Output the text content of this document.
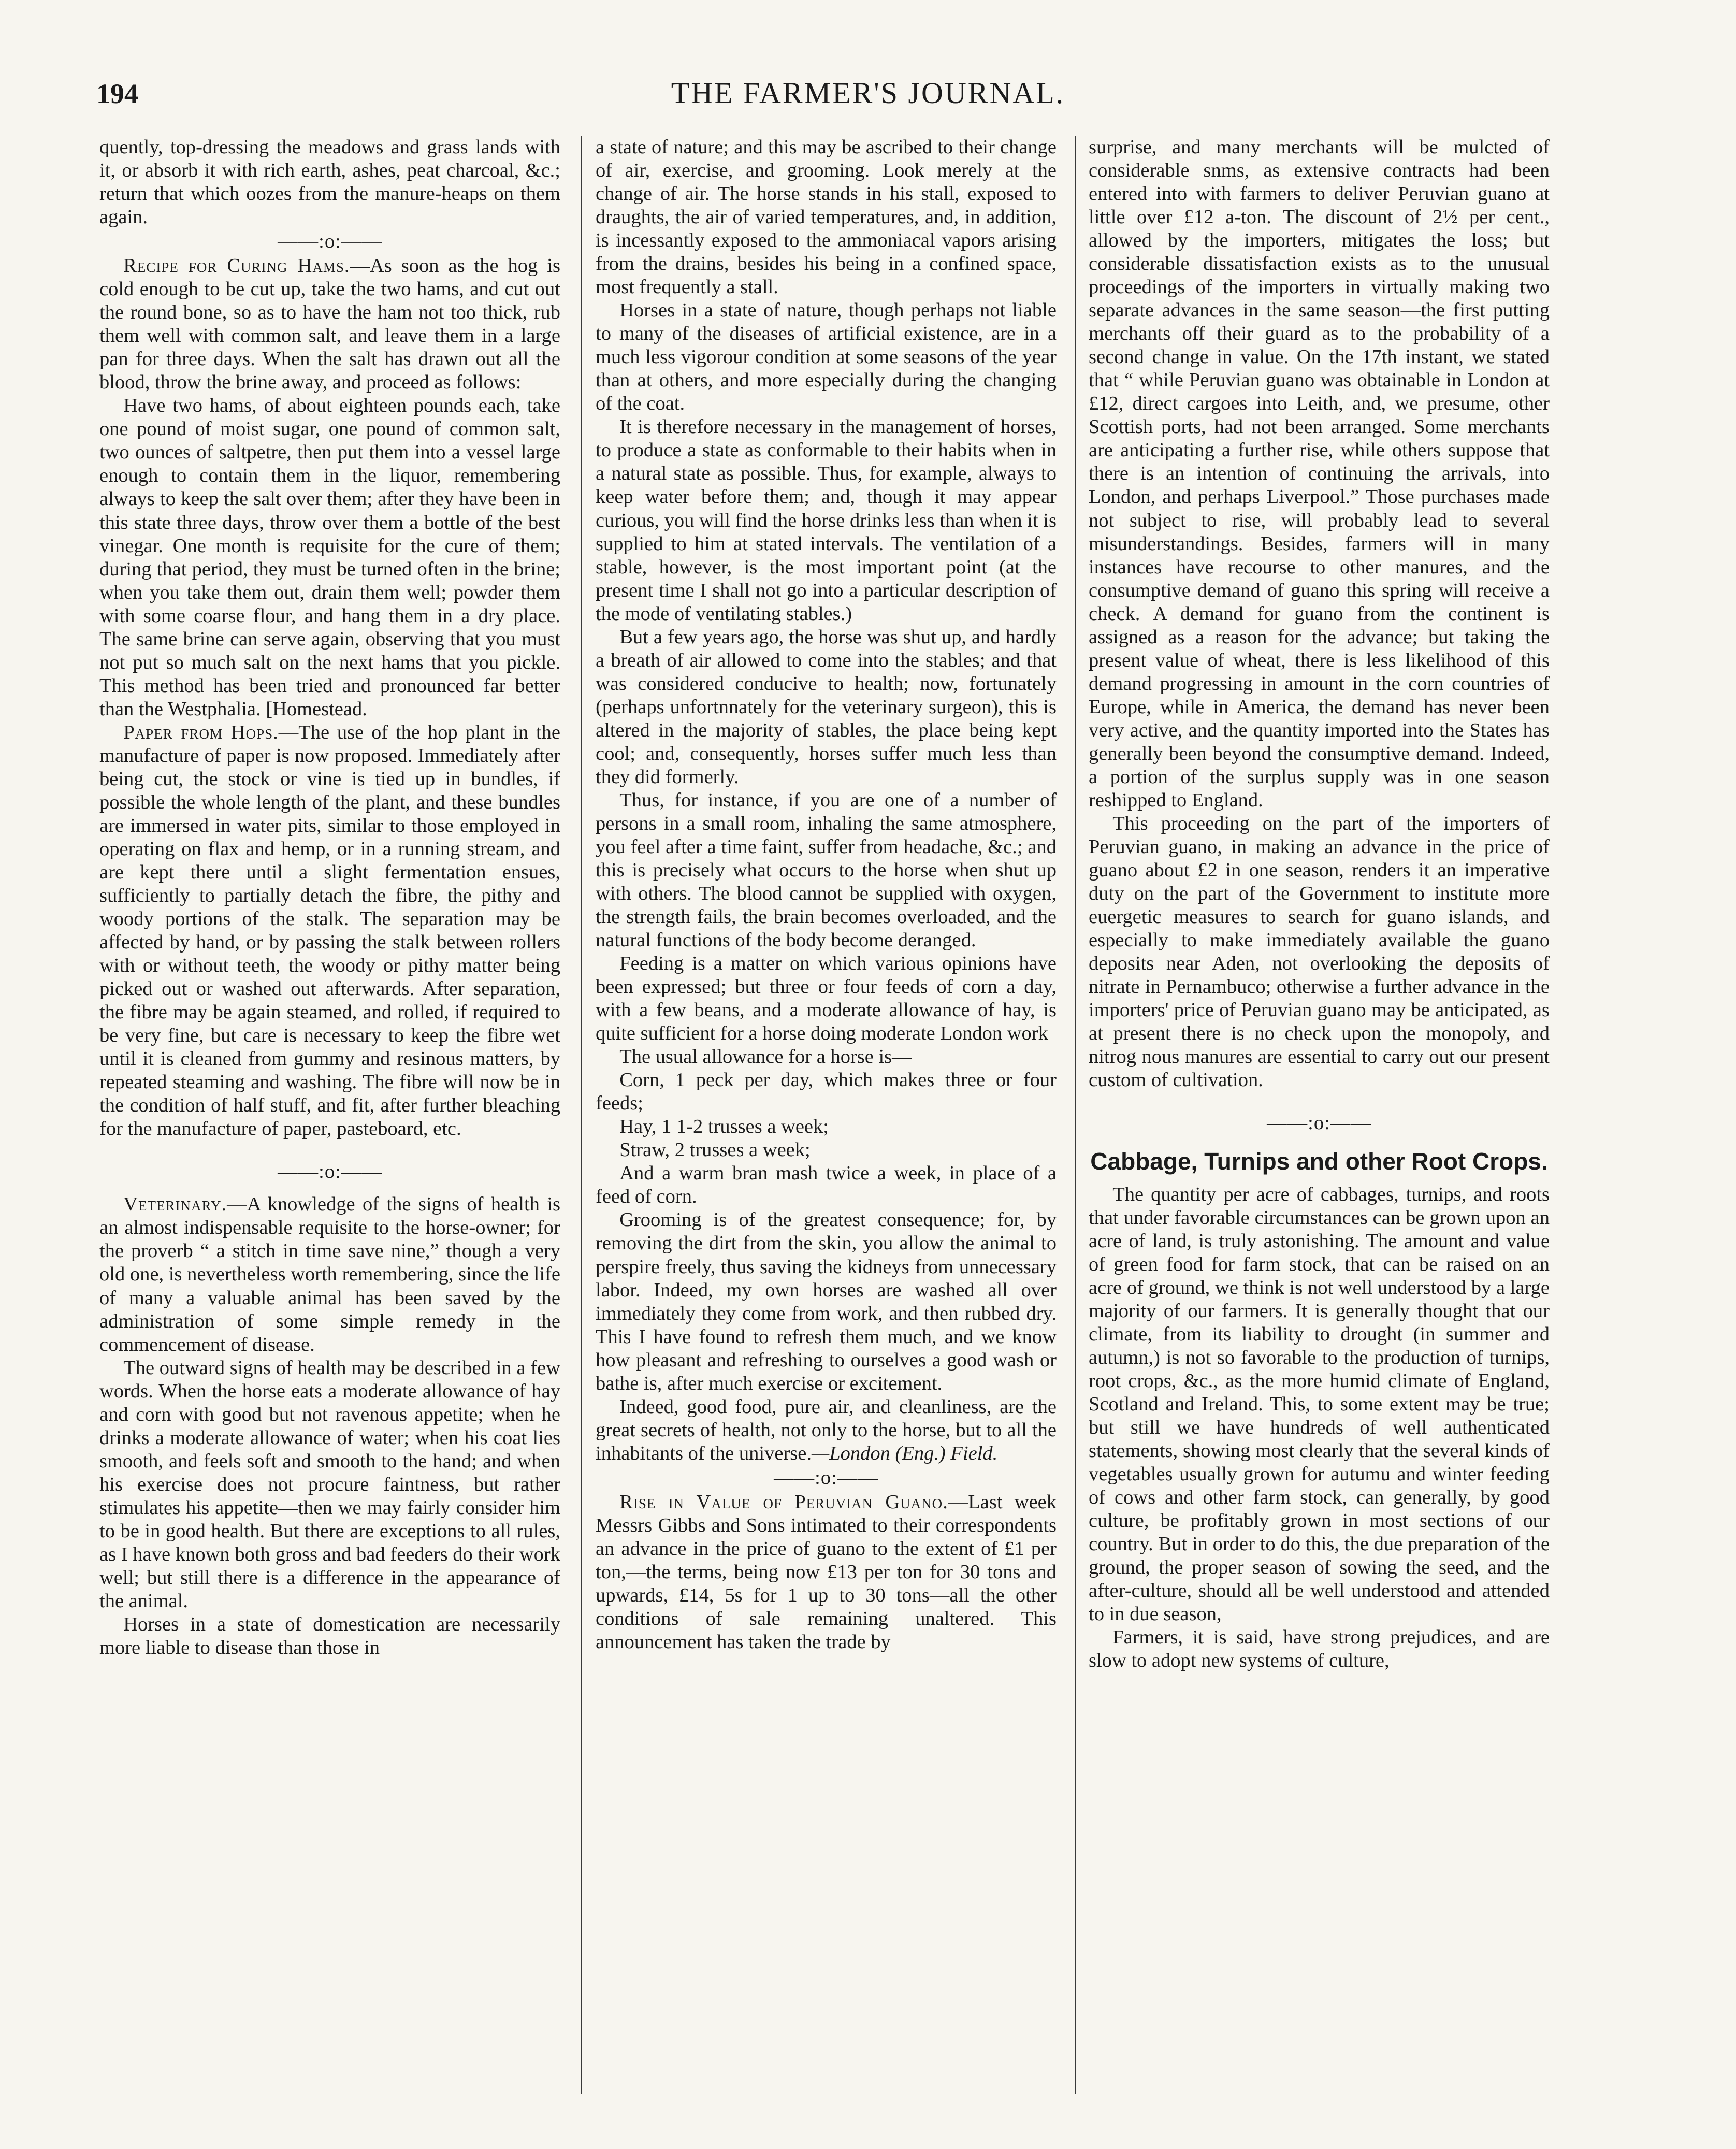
194	THE FARMER'S JOURNAL.

quently, top-dressing the meadows and grass lands with it, or absorb it with rich earth, ashes, peat charcoal, &c.; return that which oozes from the manure-heaps on them again.

——:o:——

Recipe for Curing Hams.—As soon as the hog is cold enough to be cut up, take the two hams, and cut out the round bone, so as to have the ham not too thick, rub them well with common salt, and leave them in a large pan for three days. When the salt has drawn out all the blood, throw the brine away, and proceed as follows:

Have two hams, of about eighteen pounds each, take one pound of moist sugar, one pound of common salt, two ounces of saltpetre, then put them into a vessel large enough to contain them in the liquor, remembering always to keep the salt over them; after they have been in this state three days, throw over them a bottle of the best vinegar. One month is requisite for the cure of them; during that period, they must be turned often in the brine; when you take them out, drain them well; powder them with some coarse flour, and hang them in a dry place. The same brine can serve again, observing that you must not put so much salt on the next hams that you pickle. This method has been tried and pronounced far better than the Westphalia. [Homestead.

Paper from Hops.—The use of the hop plant in the manufacture of paper is now proposed. Immediately after being cut, the stock or vine is tied up in bundles, if possible the whole length of the plant, and these bundles are immersed in water pits, similar to those employed in operating on flax and hemp, or in a running stream, and are kept there until a slight fermentation ensues, sufficiently to partially detach the fibre, the pithy and woody portions of the stalk. The separation may be affected by hand, or by passing the stalk between rollers with or without teeth, the woody or pithy matter being picked out or washed out afterwards. After separation, the fibre may be again steamed, and rolled, if required to be very fine, but care is necessary to keep the fibre wet until it is cleaned from gummy and resinous matters, by repeated steaming and washing. The fibre will now be in the condition of half stuff, and fit, after further bleaching for the manufacture of paper, pasteboard, etc.

——:o:——

Veterinary.—A knowledge of the signs of health is an almost indispensable requisite to the horse-owner; for the proverb “ a stitch in time save nine,” though a very old one, is nevertheless worth remembering, since the life of many a valuable animal has been saved by the administration of some simple remedy in the commencement of disease.

The outward signs of health may be described in a few words. When the horse eats a moderate allowance of hay and corn with good but not ravenous appetite; when he drinks a moderate allowance of water; when his coat lies smooth, and feels soft and smooth to the hand; and when his exercise does not procure faintness, but rather stimulates his appetite—then we may fairly consider him to be in good health. But there are exceptions to all rules, as I have known both gross and bad feeders do their work well; but still there is a difference in the appearance of the animal.

Horses in a state of domestication are necessarily more liable to disease than those in

a state of nature; and this may be ascribed to their change of air, exercise, and grooming. Look merely at the change of air. The horse stands in his stall, exposed to draughts, the air of varied temperatures, and, in addition, is incessantly exposed to the ammoniacal vapors arising from the drains, besides his being in a confined space, most frequently a stall.

Horses in a state of nature, though perhaps not liable to many of the diseases of artificial existence, are in a much less vigorour condition at some seasons of the year than at others, and more especially during the changing of the coat.

It is therefore necessary in the management of horses, to produce a state as conformable to their habits when in a natural state as possible. Thus, for example, always to keep water before them; and, though it may appear curious, you will find the horse drinks less than when it is supplied to him at stated intervals. The ventilation of a stable, however, is the most important point (at the present time I shall not go into a particular description of the mode of ventilating stables.)

But a few years ago, the horse was shut up, and hardly a breath of air allowed to come into the stables; and that was considered conducive to health; now, fortunately (perhaps unfortnnately for the veterinary surgeon), this is altered in the majority of stables, the place being kept cool; and, consequently, horses suffer much less than they did formerly.

Thus, for instance, if you are one of a number of persons in a small room, inhaling the same atmosphere, you feel after a time faint, suffer from headache, &c.; and this is precisely what occurs to the horse when shut up with others. The blood cannot be supplied with oxygen, the strength fails, the brain becomes overloaded, and the natural functions of the body become deranged.

Feeding is a matter on which various opinions have been expressed; but three or four feeds of corn a day, with a few beans, and a moderate allowance of hay, is quite sufficient for a horse doing moderate London work

The usual allowance for a horse is—

Corn, 1 peck per day, which makes three or four feeds;

Hay, 1 1-2 trusses a week;

Straw, 2 trusses a week;

And a warm bran mash twice a week, in place of a feed of corn.

Grooming is of the greatest consequence; for, by removing the dirt from the skin, you allow the animal to perspire freely, thus saving the kidneys from unnecessary labor. Indeed, my own horses are washed all over immediately they come from work, and then rubbed dry. This I have found to refresh them much, and we know how pleasant and refreshing to ourselves a good wash or bathe is, after much exercise or excitement.

Indeed, good food, pure air, and cleanliness, are the great secrets of health, not only to the horse, but to all the inhabitants of the universe.—London (Eng.) Field.

——:o:——

Rise in Value of Peruvian Guano.—Last week Messrs Gibbs and Sons intimated to their correspondents an advance in the price of guano to the extent of £1 per ton,—the terms, being now £13 per ton for 30 tons and upwards, £14, 5s for 1 up to 30 tons—all the other conditions of sale remaining unaltered. This announcement has taken the trade by

surprise, and many merchants will be mulcted of considerable snms, as extensive contracts had been entered into with farmers to deliver Peruvian guano at little over £12 a-ton. The discount of 2½ per cent., allowed by the importers, mitigates the loss; but considerable dissatisfaction exists as to the unusual proceedings of the importers in virtually making two separate advances in the same season—the first putting merchants off their guard as to the probability of a second change in value. On the 17th instant, we stated that “ while Peruvian guano was obtainable in London at £12, direct cargoes into Leith, and, we presume, other Scottish ports, had not been arranged. Some merchants are anticipating a further rise, while others suppose that there is an intention of continuing the arrivals, into London, and perhaps Liverpool.” Those purchases made not subject to rise, will probably lead to several misunderstandings. Besides, farmers will in many instances have recourse to other manures, and the consumptive demand of guano this spring will receive a check. A demand for guano from the continent is assigned as a reason for the advance; but taking the present value of wheat, there is less likelihood of this demand progressing in amount in the corn countries of Europe, while in America, the demand has never been very active, and the quantity imported into the States has generally been beyond the consumptive demand. Indeed, a portion of the surplus supply was in one season reshipped to England.

This proceeding on the part of the importers of Peruvian guano, in making an advance in the price of guano about £2 in one season, renders it an imperative duty on the part of the Government to institute more euergetic measures to search for guano islands, and especially to make immediately available the guano deposits near Aden, not overlooking the deposits of nitrate in Pernambuco; otherwise a further advance in the importers' price of Peruvian guano may be anticipated, as at present there is no check upon the monopoly, and nitrog nous manures are essential to carry out our present custom of cultivation.

——:o:——
Cabbage, Turnips and other Root Crops.

The quantity per acre of cabbages, turnips, and roots that under favorable circumstances can be grown upon an acre of land, is truly astonishing. The amount and value of green food for farm stock, that can be raised on an acre of ground, we think is not well understood by a large majority of our farmers. It is generally thought that our climate, from its liability to drought (in summer and autumn,) is not so favorable to the production of turnips, root crops, &c., as the more humid climate of England, Scotland and Ireland. This, to some extent may be true; but still we have hundreds of well authenticated statements, showing most clearly that the several kinds of vegetables usually grown for autumu and winter feeding of cows and other farm stock, can generally, by good culture, be profitably grown in most sections of our country. But in order to do this, the due preparation of the ground, the proper season of sowing the seed, and the after-culture, should all be well understood and attended to in due season,

Farmers, it is said, have strong prejudices, and are slow to adopt new systems of culture,
